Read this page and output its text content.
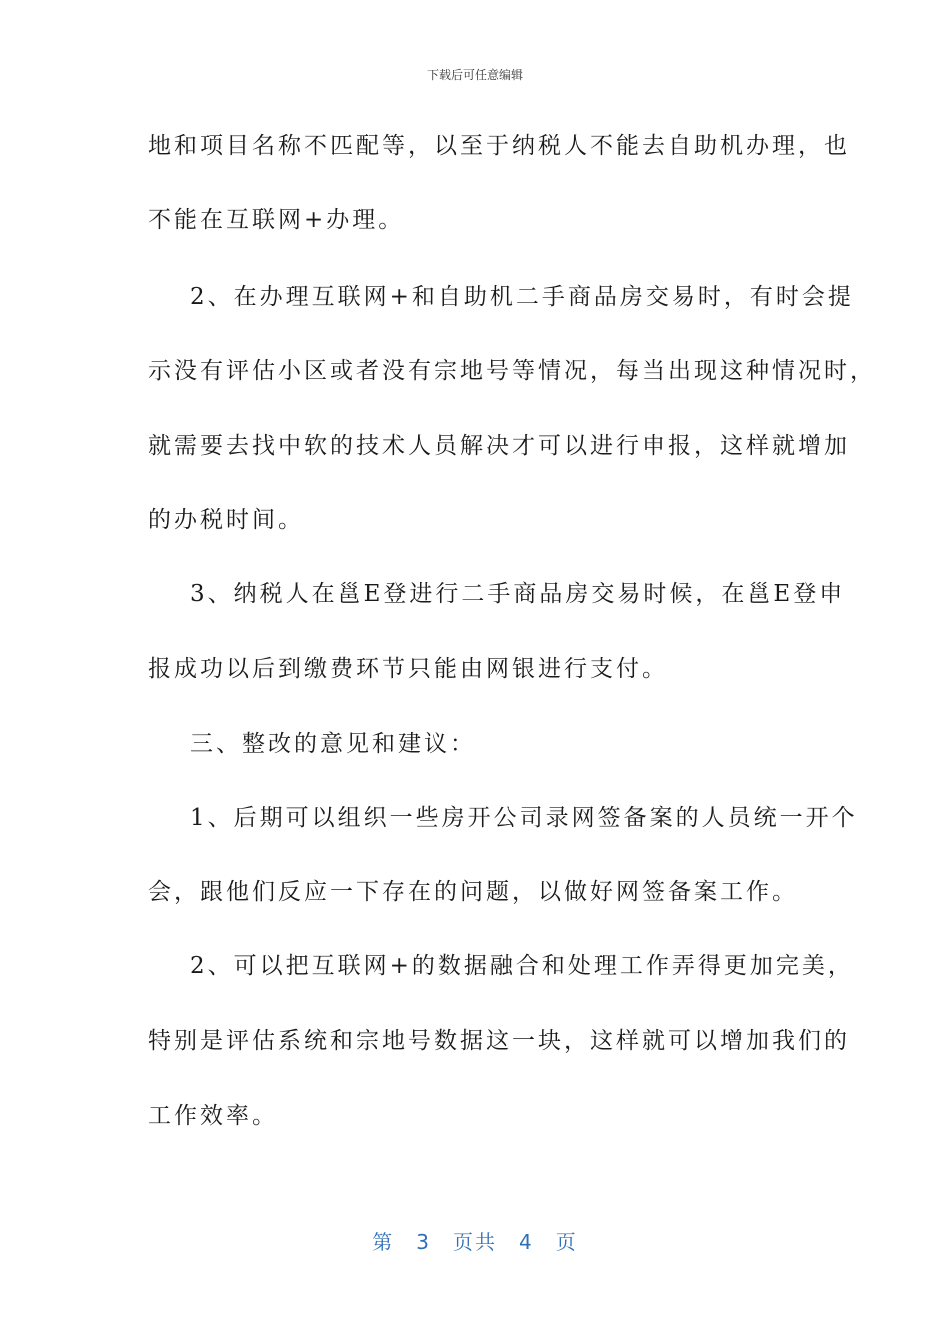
下载后可任意编辑
地和项目名称不匹配等，以至于纳税人不能去自助机办理，也
不能在互联网+办理。
2、在办理互联网+和自助机二手商品房交易时，有时会提
示没有评估小区或者没有宗地号等情况，每当出现这种情况时，
就需要去找中软的技术人员解决才可以进行申报，这样就增加
的办税时间。
3、纳税人在邕E登进行二手商品房交易时候，在邕E登申
报成功以后到缴费环节只能由网银进行支付。
三、整改的意见和建议：
1、后期可以组织一些房开公司录网签备案的人员统一开个
会，跟他们反应一下存在的问题，以做好网签备案工作。
2、可以把互联网+的数据融合和处理工作弄得更加完美，
特别是评估系统和宗地号数据这一块，这样就可以增加我们的
工作效率。
第 3 页共 4 页
